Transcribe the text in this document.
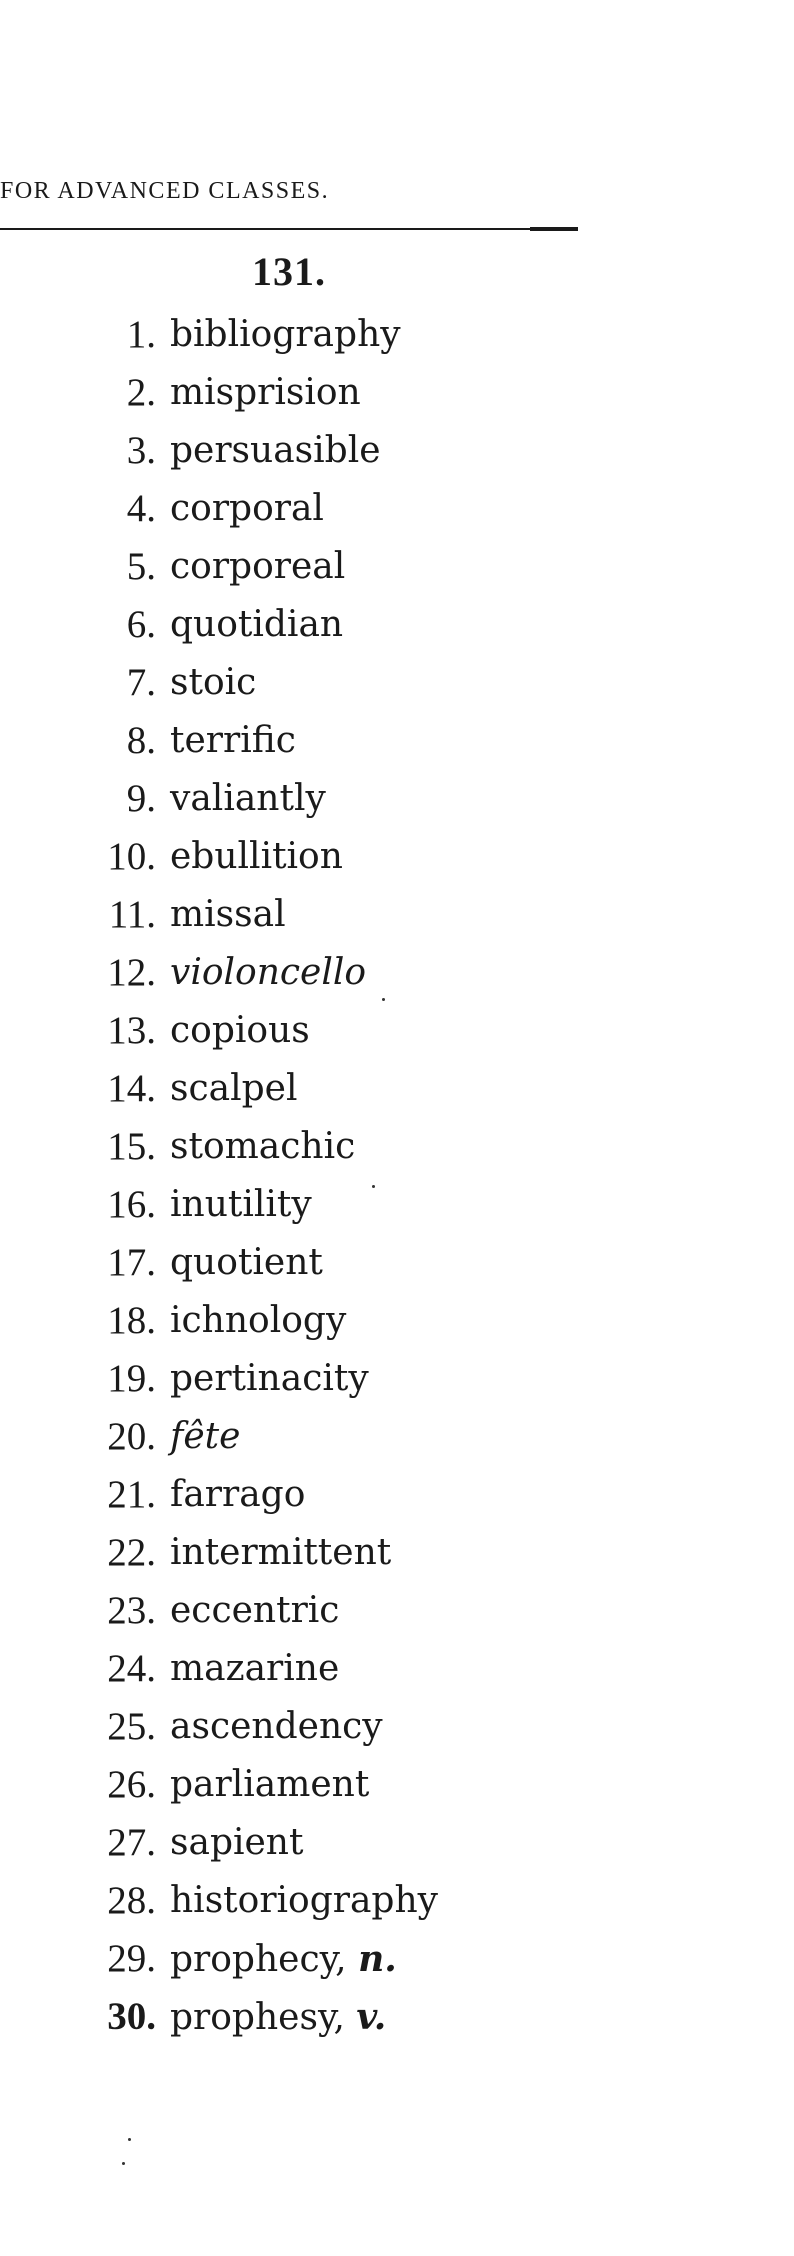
FOR ADVANCED CLASSES.
131.
1. bibliography
2. misprision
3. persuasible
4. corporal
5. corporeal
6. quotidian
7. stoic
8. terrific
9. valiantly
10. ebullition
11. missal
12. violoncello
13. copious
14. scalpel
15. stomachic
16. inutility
17. quotient
18. ichnology
19. pertinacity
20. fête
21. farrago
22. intermittent
23. eccentric
24. mazarine
25. ascendency
26. parliament
27. sapient
28. historiography
29. prophecy, n.
30. prophesy, v.
